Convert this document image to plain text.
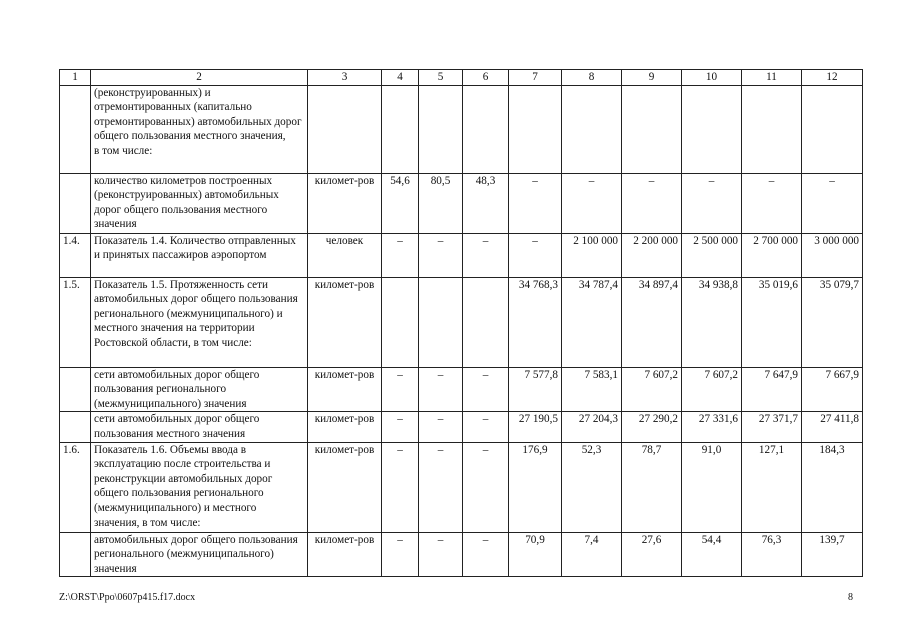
1	2	3	4	5	6	7	8	9	10	11	12
	(реконструированных) и отремонтированных (капитально отремонтированных) автомобильных дорог общего пользования местного значения,
в том числе:										
	количество километров построенных (реконструированных) автомобильных дорог общего пользования местного значения	километ-ров	54,6	80,5	48,3	–	–	–	–	–	–
1.4.	Показатель 1.4. Количество отправленных и принятых пассажиров аэропортом	человек	–	–	–	–	2 100 000	2 200 000	2 500 000	2 700 000	3 000 000
1.5.	Показатель 1.5. Протяженность сети автомобильных дорог общего пользования регионального (межмуниципального) и местного значения на территории Ростовской области, в том числе:	километ-ров				34 768,3	34 787,4	34 897,4	34 938,8	35 019,6	35 079,7
	сети автомобильных дорог общего пользования регионального (межмуниципального) значения	километ-ров	–	–	–	7 577,8	7 583,1	7 607,2	7 607,2	7 647,9	7 667,9
	сети автомобильных дорог общего пользования местного значения	километ-ров	–	–	–	27 190,5	27 204,3	27 290,2	27 331,6	27 371,7	27 411,8
1.6.	Показатель 1.6. Объемы ввода в эксплуатацию после строительства и реконструкции автомобильных дорог общего пользования регионального (межмуниципального) и местного значения, в том числе:	километ-ров	–	–	–	176,9	52,3	78,7	91,0	127,1	184,3
	автомобильных дорог общего пользования регионального (межмуниципального) значения	километ-ров	–	–	–	70,9	7,4	27,6	54,4	76,3	139,7
Z:\ORST\Ppo\0607p415.f17.docx	8
